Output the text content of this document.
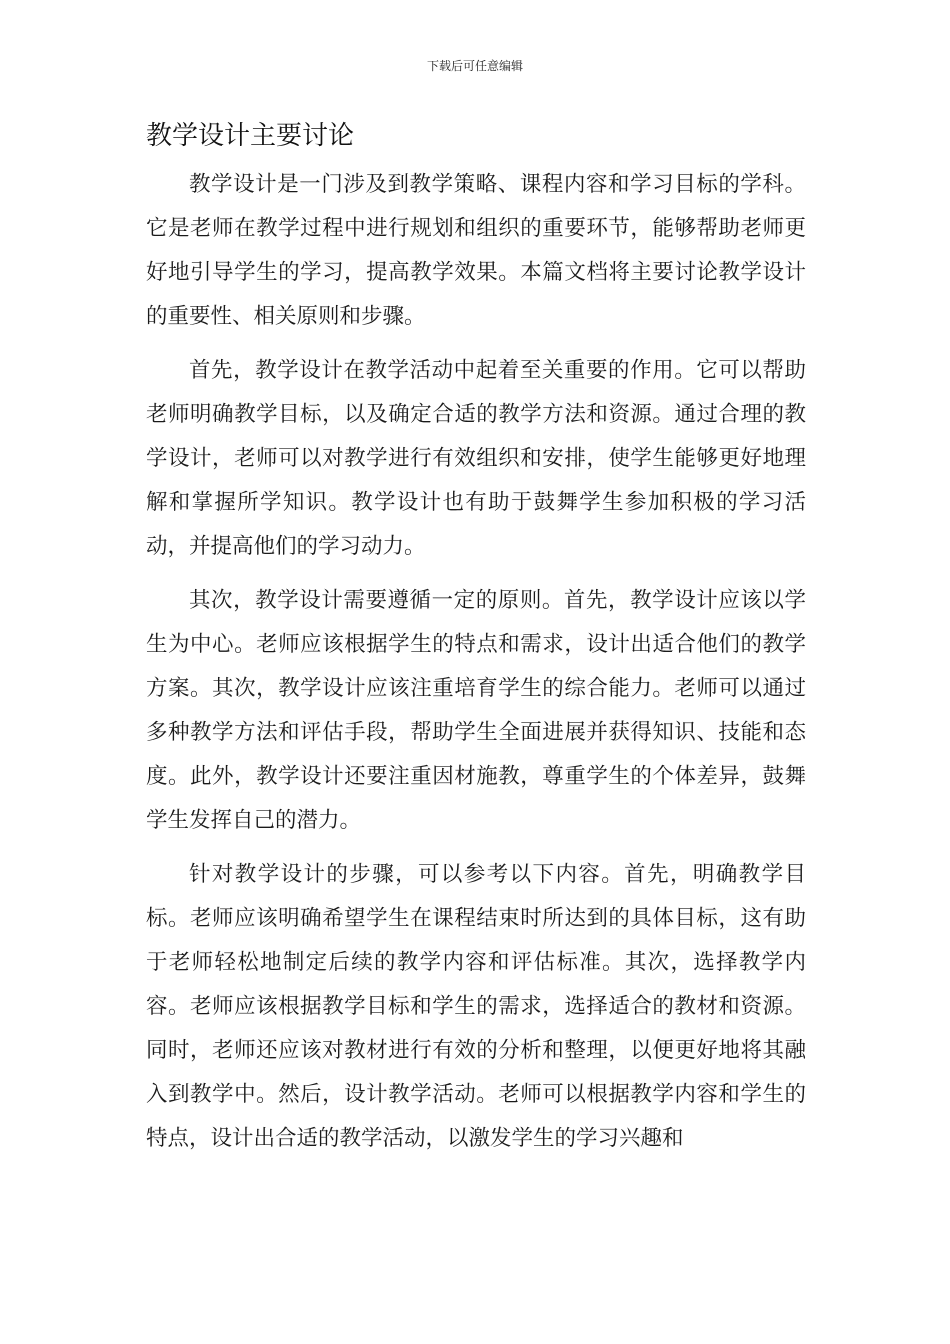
下载后可任意编辑
教学设计主要讨论

教学设计是一门涉及到教学策略、课程内容和学习目标的学科。它是老师在教学过程中进行规划和组织的重要环节，能够帮助老师更好地引导学生的学习，提高教学效果。本篇文档将主要讨论教学设计的重要性、相关原则和步骤。

首先，教学设计在教学活动中起着至关重要的作用。它可以帮助老师明确教学目标，以及确定合适的教学方法和资源。通过合理的教学设计，老师可以对教学进行有效组织和安排，使学生能够更好地理解和掌握所学知识。教学设计也有助于鼓舞学生参加积极的学习活动，并提高他们的学习动力。

其次，教学设计需要遵循一定的原则。首先，教学设计应该以学生为中心。老师应该根据学生的特点和需求，设计出适合他们的教学方案。其次，教学设计应该注重培育学生的综合能力。老师可以通过多种教学方法和评估手段，帮助学生全面进展并获得知识、技能和态度。此外，教学设计还要注重因材施教，尊重学生的个体差异，鼓舞学生发挥自己的潜力。

针对教学设计的步骤，可以参考以下内容。首先，明确教学目标。老师应该明确希望学生在课程结束时所达到的具体目标，这有助于老师轻松地制定后续的教学内容和评估标准。其次，选择教学内容。老师应该根据教学目标和学生的需求，选择适合的教材和资源。同时，老师还应该对教材进行有效的分析和整理，以便更好地将其融入到教学中。然后，设计教学活动。老师可以根据教学内容和学生的特点，设计出合适的教学活动，以激发学生的学习兴趣和
